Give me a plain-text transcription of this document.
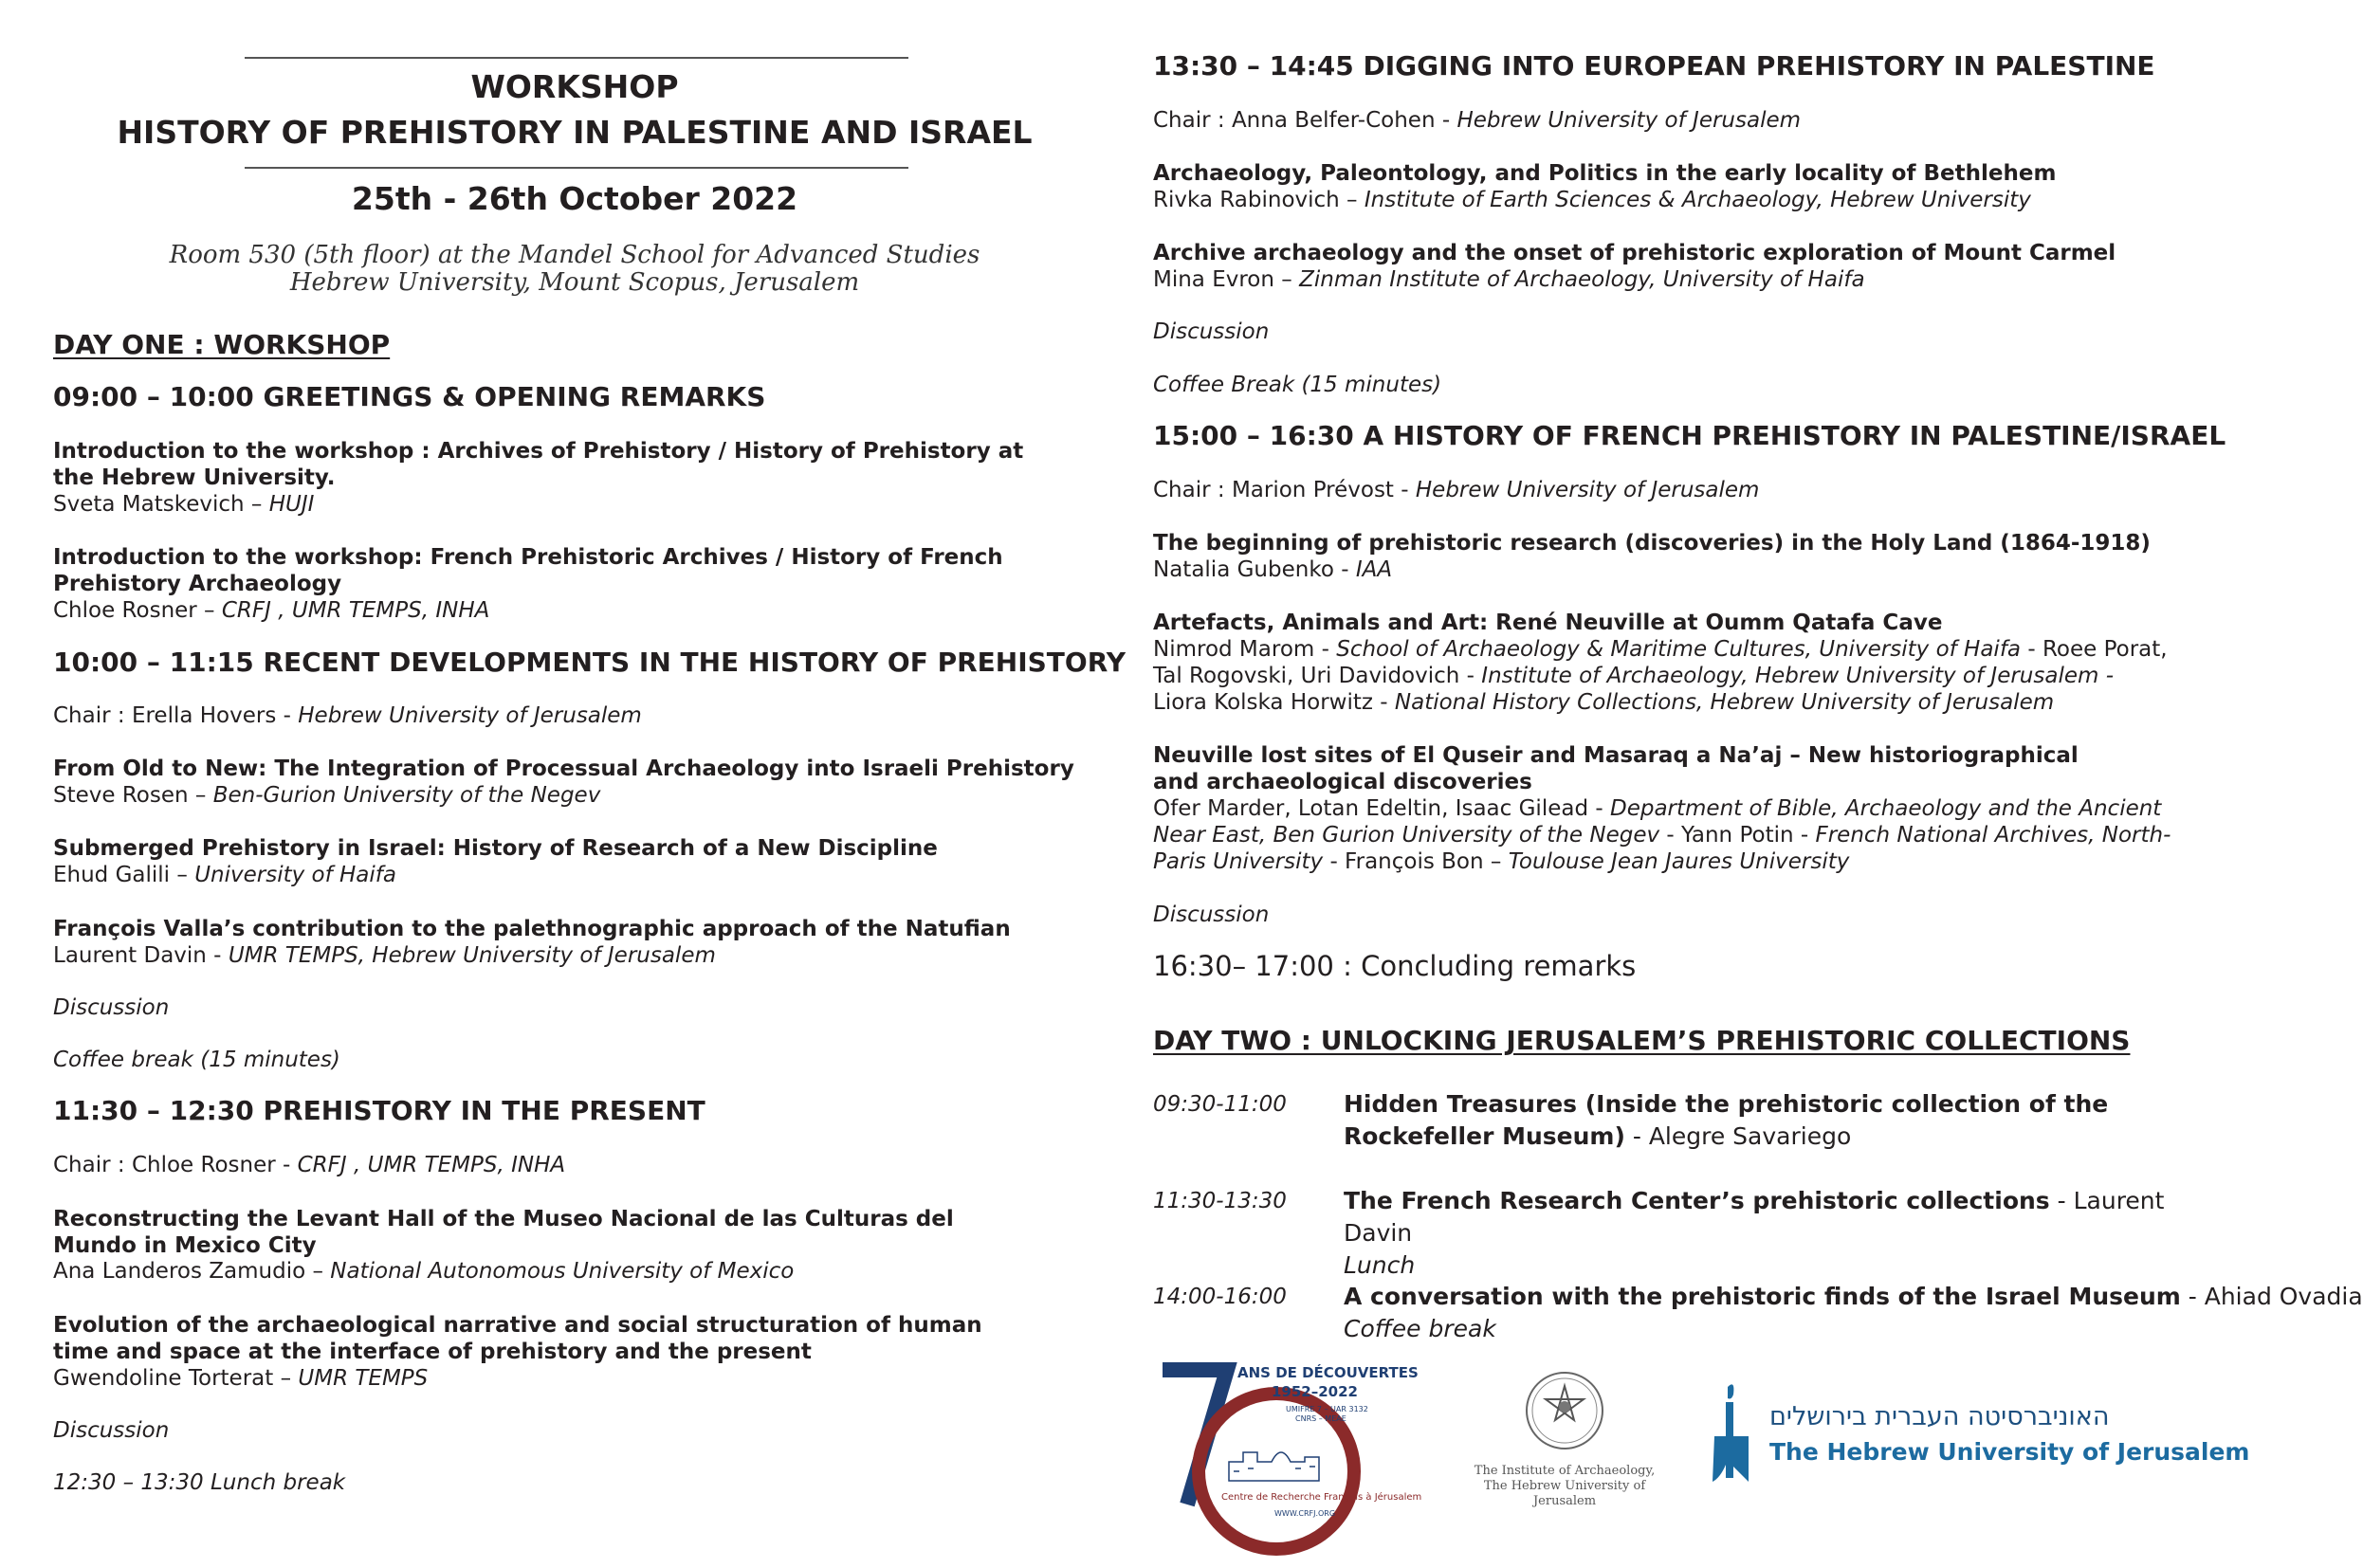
WORKSHOP
HISTORY OF PREHISTORY IN PALESTINE AND ISRAEL
25th - 26th October 2022
Room 530 (5th floor) at the Mandel School for Advanced Studies
Hebrew University, Mount Scopus, Jerusalem
DAY ONE : WORKSHOP
09:00 – 10:00 GREETINGS & OPENING REMARKS
Introduction to the workshop : Archives of Prehistory / History of Prehistory at the Hebrew University.
Sveta Matskevich – HUJI
Introduction to the workshop: French Prehistoric Archives / History of French Prehistory Archaeology
Chloe Rosner – CRFJ , UMR TEMPS, INHA
10:00 – 11:15 RECENT DEVELOPMENTS IN THE HISTORY OF PREHISTORY
Chair : Erella Hovers - Hebrew University of Jerusalem
From Old to New: The Integration of Processual Archaeology into Israeli Prehistory
Steve Rosen – Ben-Gurion University of the Negev
Submerged Prehistory in Israel: History of Research of a New Discipline
Ehud Galili – University of Haifa
François Valla’s contribution to the palethnographic approach of the Natufian
Laurent Davin - UMR TEMPS, Hebrew University of Jerusalem
Discussion
Coffee break (15 minutes)
11:30 – 12:30 PREHISTORY IN THE PRESENT
Chair : Chloe Rosner - CRFJ , UMR TEMPS, INHA
Reconstructing the Levant Hall of the Museo Nacional de las Culturas del Mundo in Mexico City
Ana Landeros Zamudio – National Autonomous University of Mexico
Evolution of the archaeological narrative and social structuration of human time and space at the interface of prehistory and the present
Gwendoline Torterat – UMR TEMPS
Discussion
12:30 – 13:30 Lunch break
13:30 – 14:45 DIGGING INTO EUROPEAN PREHISTORY IN PALESTINE
Chair : Anna Belfer-Cohen - Hebrew University of Jerusalem
Archaeology, Paleontology, and Politics in the early locality of Bethlehem
Rivka Rabinovich – Institute of Earth Sciences & Archaeology, Hebrew University
Archive archaeology and the onset of prehistoric exploration of Mount Carmel
Mina Evron – Zinman Institute of Archaeology, University of Haifa
Discussion
Coffee Break (15 minutes)
15:00 – 16:30 A HISTORY OF FRENCH PREHISTORY IN PALESTINE/ISRAEL
Chair : Marion Prévost - Hebrew University of Jerusalem
The beginning of prehistoric research (discoveries) in the Holy Land (1864-1918)
Natalia Gubenko - IAA
Artefacts, Animals and Art: René Neuville at Oumm Qatafa Cave
Nimrod Marom - School of Archaeology & Maritime Cultures, University of Haifa - Roee Porat,
Tal Rogovski, Uri Davidovich - Institute of Archaeology, Hebrew University of Jerusalem -
Liora Kolska Horwitz - National History Collections, Hebrew University of Jerusalem
Neuville lost sites of El Quseir and Masaraq a Na’aj – New historiographical and archaeological discoveries
Ofer Marder, Lotan Edeltin, Isaac Gilead - Department of Bible, Archaeology and the Ancient
Near East, Ben Gurion University of the Negev - Yann Potin - French National Archives, North-
Paris University - François Bon – Toulouse Jean Jaures University
Discussion
16:30– 17:00 : Concluding remarks
DAY TWO : UNLOCKING JERUSALEM’S PREHISTORIC COLLECTIONS
09:30-11:00 Hidden Treasures (Inside the prehistoric collection of the Rockefeller Museum) - Alegre Savariego
11:30-13:30 The French Research Center’s prehistoric collections - Laurent Davin
Lunch
14:00-16:00 A conversation with the prehistoric finds of the Israel Museum - Ahiad Ovadia
Coffee break
ANS DE DÉCOUVERTES
1952–2022
UMIFRE 7 – UAR 3132
CNRS – MEAE
Centre de Recherche Français à Jérusalem
WWW.CRFJ.ORG
The Institute of Archaeology,
The Hebrew University of Jerusalem
האוניברסיטה העברית בירושלים
The Hebrew University of Jerusalem
